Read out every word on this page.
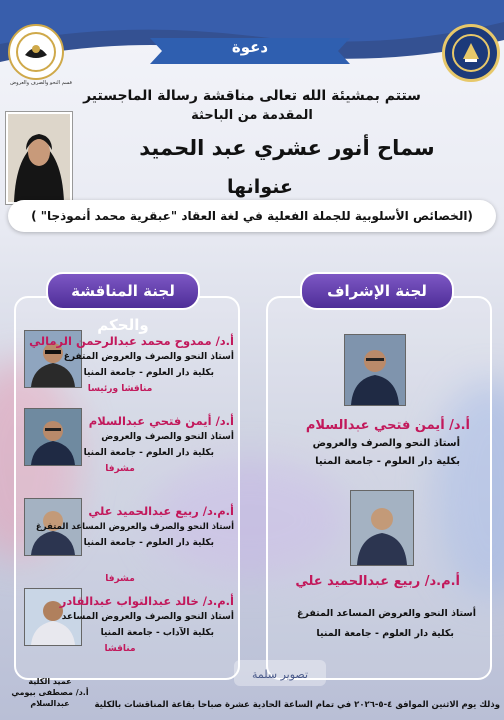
قسم النحو والصرف والعروض
دعوة
ستتم بمشيئة الله تعالى مناقشة رسالة الماجستير
المقدمة من الباحثة
سماح أنور عشري عبد الحميد
عنوانها
(الخصائص الأسلوبية للجملة الفعلية في لغة العقاد "عبقرية محمد أنموذجا" )
لجنة المناقشة والحكم
أ.د/ ممدوح محمد عبدالرحمن الرمالي
أستاذ النحو والصرف والعروض المتفرغ
بكلية دار العلوم - جامعة المنيا
مناقشا ورئيسا
أ.د/ أيمن فتحي عبدالسلام
أستاذ النحو والصرف والعروض
بكلية دار العلوم - جامعة المنيا
مشرفا
أ.م.د/ ربيع عبدالحميد علي
أستاذ النحو والصرف والعروض المساعد المتفرغ
بكلية دار العلوم - جامعة المنيا
مشرفا
أ.م.د/ خالد عبدالتواب عبدالقادر
أستاذ النحو والصرف والعروض المساعد
بكلية الآداب - جامعة المنيا
مناقشا
لجنة الإشراف
أ.د/ أيمن فتحي عبدالسلام
أستاذ النحو والصرف والعروض
بكلية دار العلوم - جامعة المنيا
أ.م.د/ ربيع عبدالحميد علي
أستاذ النحو والعروض المساعد المتفرغ
بكلية دار العلوم - جامعة المنيا
تصوير سلمة
عميد الكلية
أ.د/ مصطفى بيومي عبدالسلام	وذلك يوم الاثنين الموافق ٤-٥-٢٠٢٦ في تمام الساعة الحادية عشرة صباحا بقاعة المناقشات بالكلية
